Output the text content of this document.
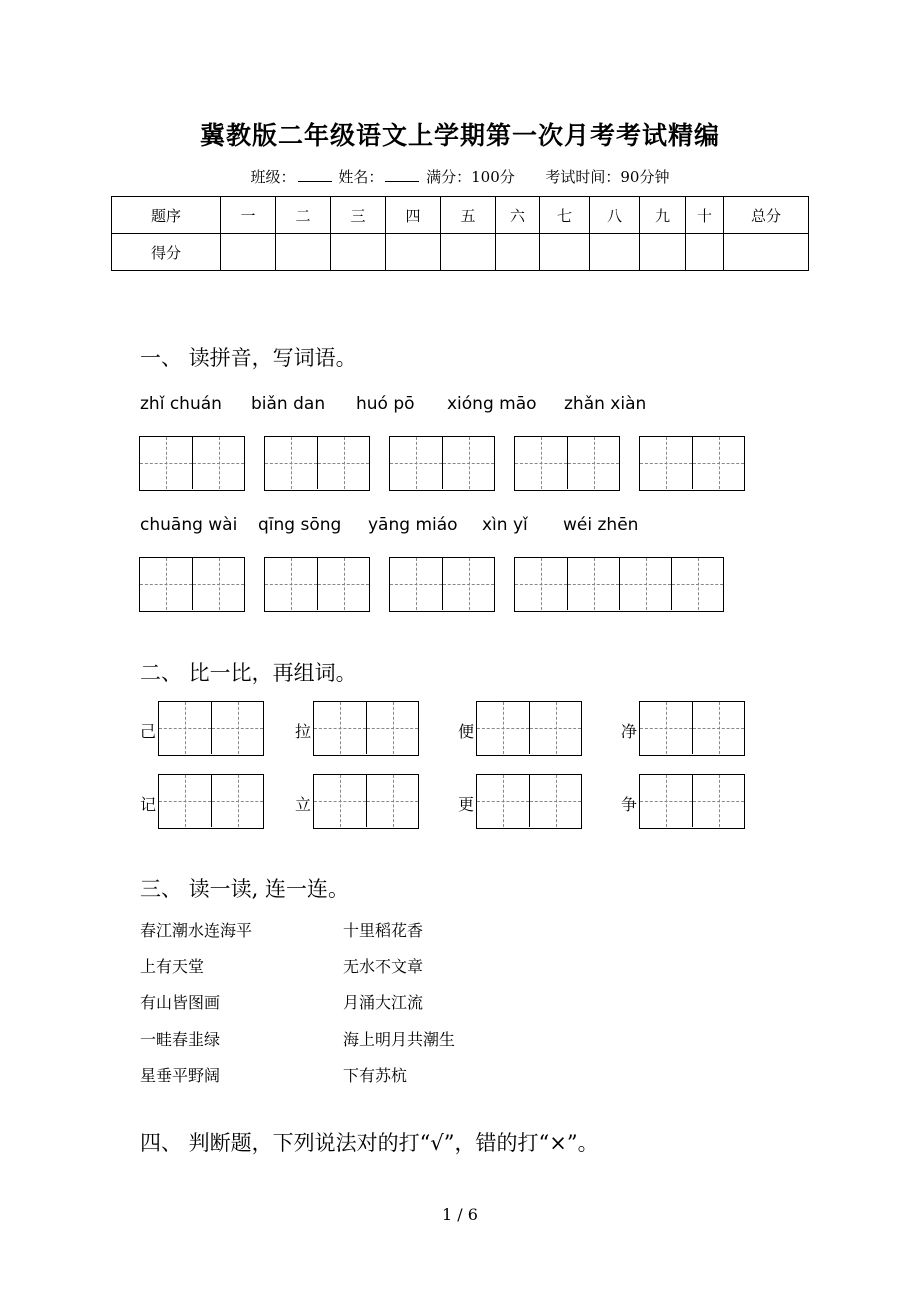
冀教版二年级语文上学期第一次月考考试精编
班级：	姓名：	满分：100分 考试时间：90分钟
题序	一	二	三	四	五	六	七	八	九	十	总分
得分											
一、 读拼音，写词语。
zhǐ chuán biǎn dan huó pō xióng māo zhǎn xiàn
chuāng wài qīng sōng yāng miáo xìn yǐ wéi zhēn
二、 比一比，再组词。
己	拉	便	净
记	立	更	争
三、 读一读, 连一连。
春江潮水连海平	十里稻花香
上有天堂	无水不文章
有山皆图画	月涌大江流
一畦春韭绿	海上明月共潮生
星垂平野阔	下有苏杭
四、 判断题，下列说法对的打“√”，错的打“×”。
1 / 6
